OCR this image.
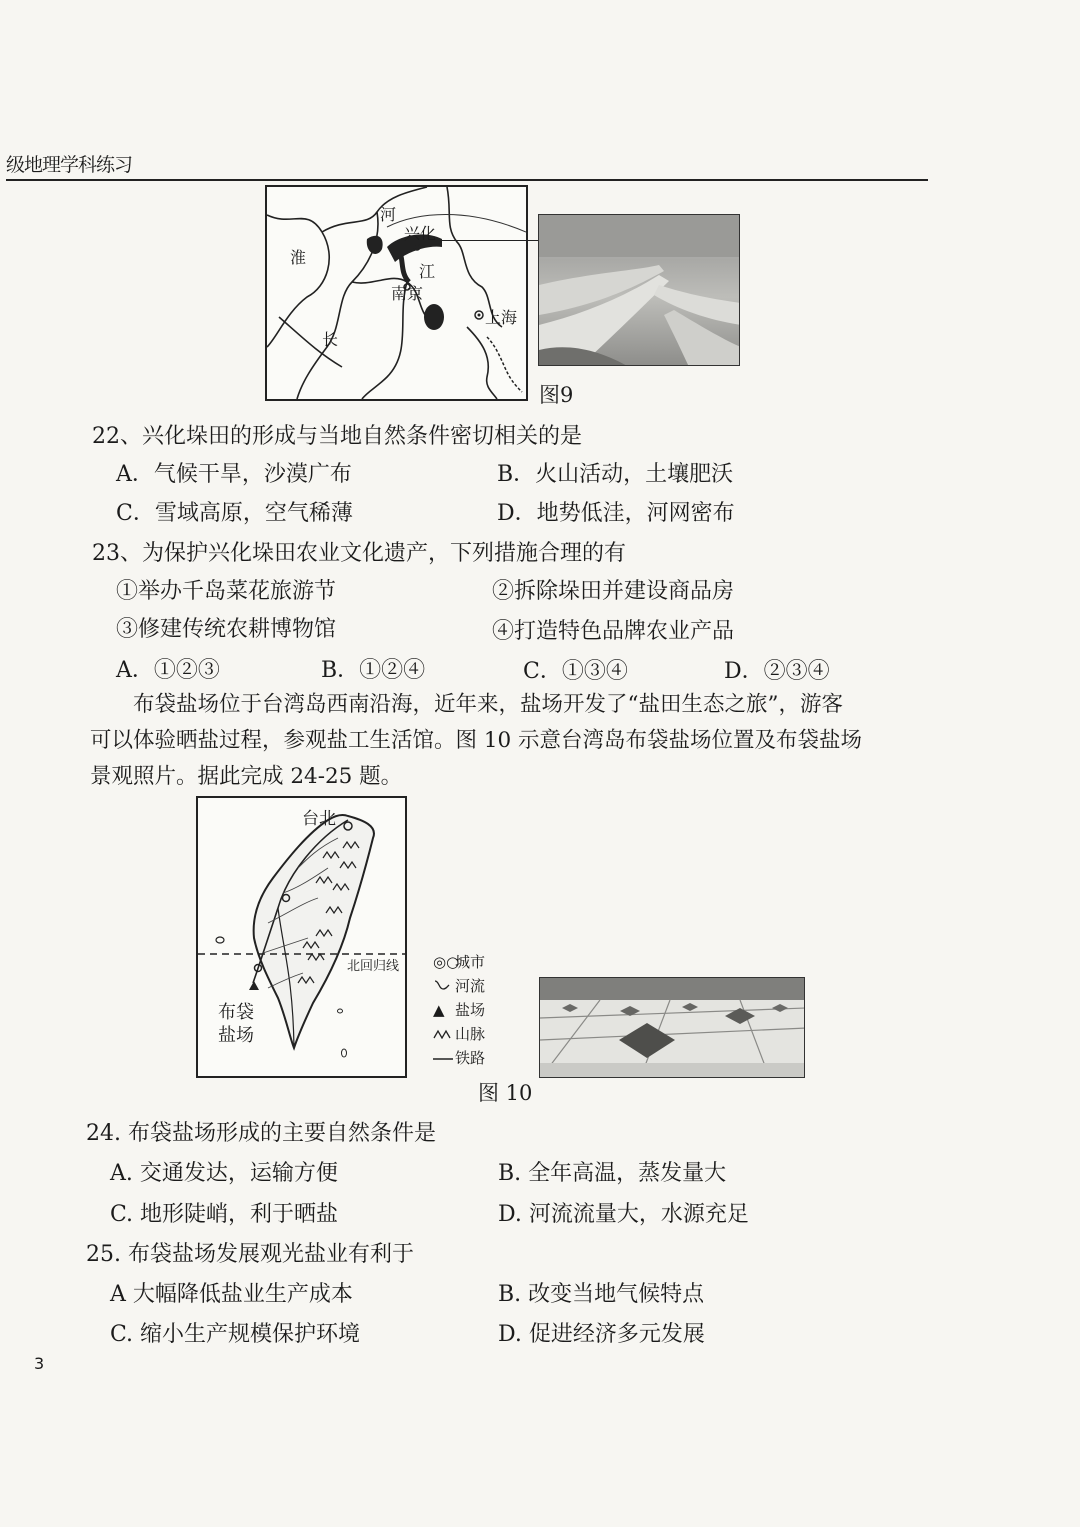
级地理学科练习
河
兴化
淮
江
南京
上海
长
图9
22、兴化垛田的形成与当地自然条件密切相关的是
A．气候干旱，沙漠广布	B．火山活动，土壤肥沃
C．雪域高原，空气稀薄	D．地势低洼，河网密布
23、为保护兴化垛田农业文化遗产，下列措施合理的有
①举办千岛菜花旅游节	②拆除垛田并建设商品房
③修建传统农耕博物馆	④打造特色品牌农业产品
A．①②③	B．①②④	C．①③④	D．②③④
布袋盐场位于台湾岛西南沿海，近年来，盐场开发了“盐田生态之旅”，游客
可以体验晒盐过程，参观盐工生活馆。图 10 示意台湾岛布袋盐场位置及布袋盐场
景观照片。据此完成 24-25 题。
台北
北回归线
布袋
盐场
◎○城市
河流
▲ 盐场
山脉
铁路
图 10
24. 布袋盐场形成的主要自然条件是
A. 交通发达，运输方便	B. 全年高温，蒸发量大
C. 地形陡峭，利于晒盐	D. 河流流量大，水源充足
25. 布袋盐场发展观光盐业有利于
A 大幅降低盐业生产成本	B. 改变当地气候特点
C. 缩小生产规模保护环境	D. 促进经济多元发展
3
